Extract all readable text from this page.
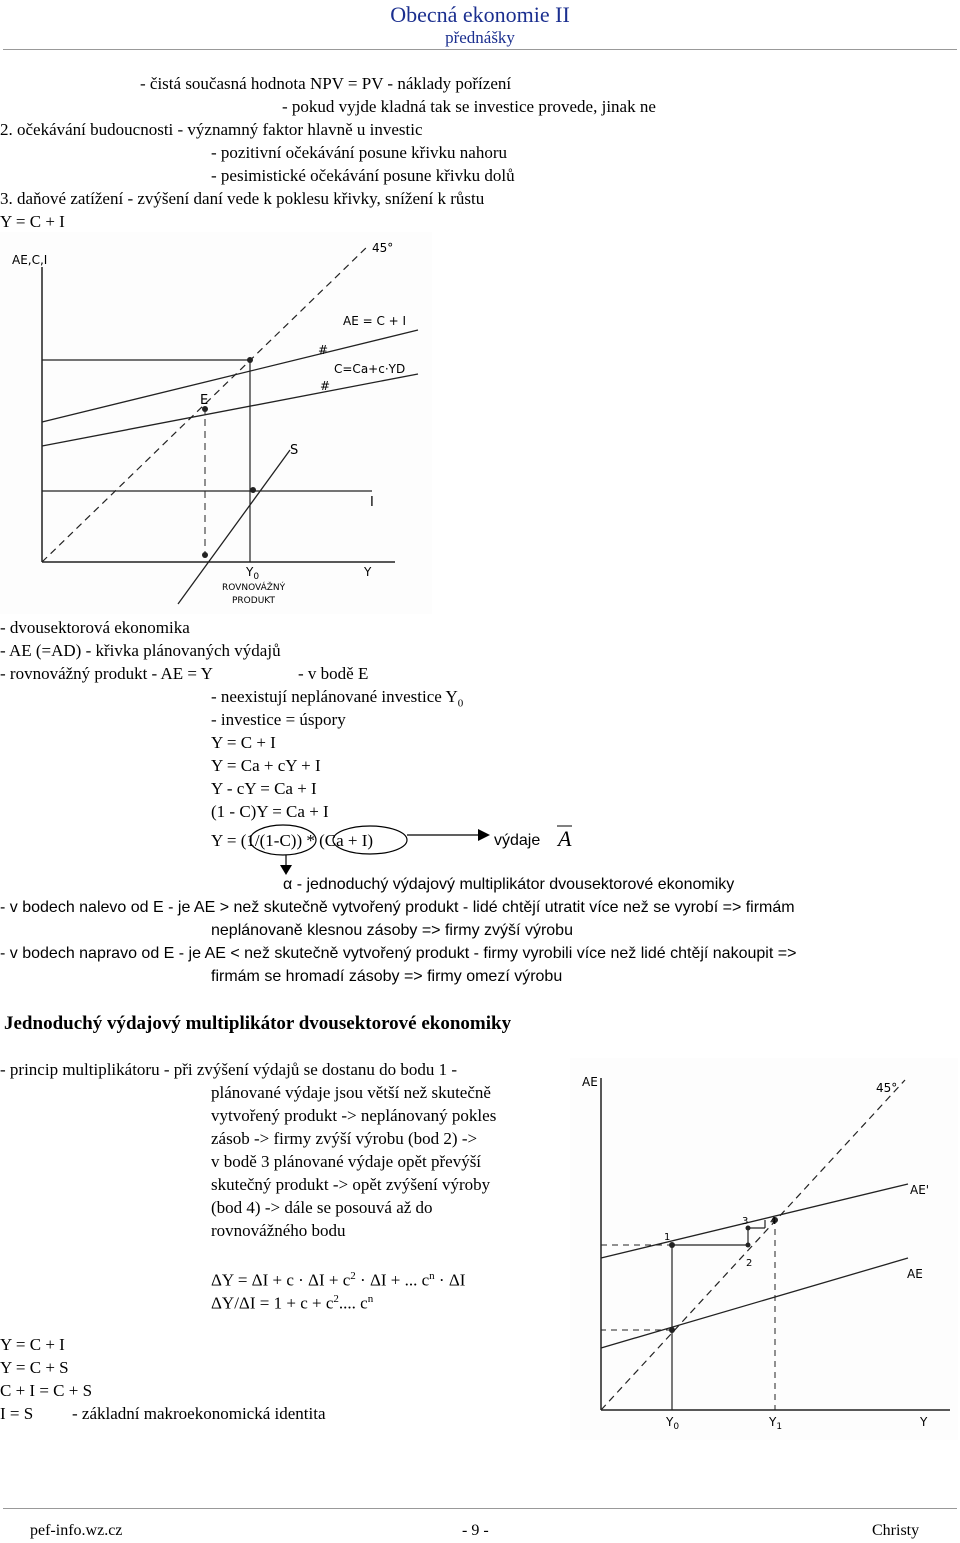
Obecná ekonomie II
přednášky
- čistá současná hodnota NPV = PV - náklady pořízení
- pokud vyjde kladná tak se investice provede, jinak ne
2. očekávání budoucnosti - významný faktor hlavně u investic
- pozitivní očekávání posune křivku nahoru
- pesimistické očekávání posune křivku dolů
3. daňové zatížení - zvýšení daní vede k poklesu křivky, snížení k růstu
Y = C + I
AE,C,I
45°
AE = C + I
C=Ca+c·YD
#
#
E
S
I
$Y_0$	Y
ROVNOVÁŽNÝ
PRODUKT
- dvousektorová ekonomika
- AE (=AD) - křivka plánovaných výdajů
- rovnovážný produkt - AE = Y	- v bodě E
- neexistují neplánované investice $Y_0$
- investice = úspory
Y = C + I
Y = Ca + cY + I
Y - cY = Ca + I
(1 - C)Y = Ca + I
Y = (1/(1-C)) * (Ca + I)	výdaje A
α - jednoduchý výdajový multiplikátor dvousektorové ekonomiky
- v bodech nalevo od E - je AE > než skutečně vytvořený produkt - lidé chtějí utratit více než se vyrobí => firmám
neplánovaně klesnou zásoby => firmy zvýší výrobu
- v bodech napravo od E - je AE < než skutečně vytvořený produkt - firmy vyrobili více než lidé chtějí nakoupit =>
firmám se hromadí zásoby => firmy omezí výrobu
Jednoduchý výdajový multiplikátor dvousektorové ekonomiky
- princip multiplikátoru - při zvýšení výdajů se dostanu do bodu 1 -
plánované výdaje jsou větší než skutečně
vytvořený produkt -> neplánovaný pokles
zásob -> firmy zvýší výrobu (bod 2) ->
v bodě 3 plánované výdaje opět převýší
skutečný produkt -> opět zvýšení výroby
(bod 4) -> dále se posouvá až do
rovnovážného bodu
$\Delta Y = \Delta I + c \cdot \Delta I + c^2 \cdot \Delta I$ + ... $c^n \cdot \Delta I$
$\Delta Y/\Delta I = 1 + c + c^2$.... $c^n$
Y = C + I
Y = C + S
C + I = C + S
I = S - základní makroekonomická identita
AE	45°
AE'
AE
1
2
3 4
$Y_0$	$Y_1$	Y
pef-info.wz.cz	- 9 -	Christy
